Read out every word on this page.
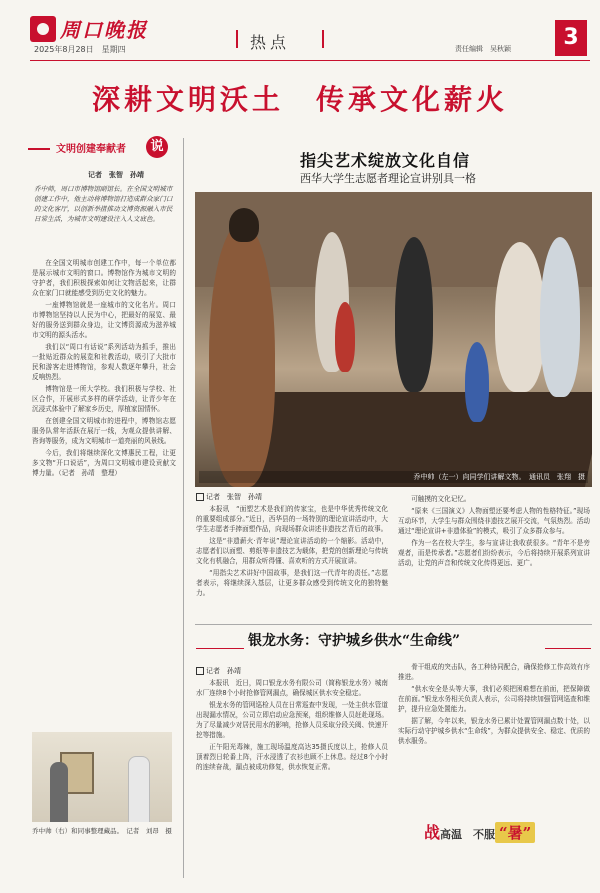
周口晚报
2025年8月28日　星期四	热点	责任编辑　吴秋颖	3
深耕文明沃土　传承文化薪火
文明创建奉献者	说
记者　张智　孙靖
乔中帅，周口市博物馆副馆长。在全国文明城市创建工作中，他主动将博物馆打造成群众家门口的文化客厅，以创新举措推动文博资源融入市民日常生活，为城市文明建设注入人文底色。

在全国文明城市创建工作中，每一个单位都是展示城市文明的窗口。博物馆作为城市文明的守护者，我们积极探索如何让文物活起来，让群众在家门口就能感受到历史文化的魅力。

一座博物馆就是一座城市的文化名片。周口市博物馆坚持以人民为中心，把最好的展览、最好的服务送到群众身边，让文博资源成为滋养城市文明的源头活水。

我们以“周口有话说”系列活动为抓手，推出一批贴近群众的展览和社教活动，吸引了大批市民和游客走进博物馆，参观人数逐年攀升，社会反响热烈。

博物馆是一所大学校。我们积极与学校、社区合作，开展形式多样的研学活动，让青少年在沉浸式体验中了解家乡历史，厚植家国情怀。

在创建全国文明城市的进程中，博物馆志愿服务队常年活跃在展厅一线，为观众提供讲解、咨询等服务，成为文明城市一道亮丽的风景线。

今后，我们将继续深化文博惠民工程，让更多文物“开口说话”，为周口文明城市建设贡献文博力量。（记者　孙靖　整理）

乔中帅（右）和同事整理藏品。　记者　刘昂　摄
指尖艺术绽放文化自信
西华大学生志愿者理论宣讲别具一格
乔中帅（左一）向同学们讲解文物。　通讯员　张翔　摄
记者　张智　孙靖

本报讯　“面塑艺术是我们的传家宝，也是中华优秀传统文化的重要组成部分。”近日，西华县的一场特别的理论宣讲活动中，大学生志愿者手捧面塑作品，向现场群众讲述非遗技艺背后的故事。

这是“非遗薪火·青年说”理论宣讲活动的一个缩影。活动中，志愿者们以面塑、剪纸等非遗技艺为载体，把党的创新理论与传统文化有机融合，用群众听得懂、喜欢听的方式开展宣讲。

“用指尖艺术讲好中国故事，是我们这一代青年的责任。”志愿者表示，将继续深入基层，让更多群众感受到传统文化的独特魅力。

可触摸的文化记忆。

“原来《三国演义》人物面塑还要考虑人物的性格特征。”现场互动环节，大学生与群众围绕非遗技艺展开交流，气氛热烈。活动通过“理论宣讲+非遗体验”的模式，吸引了众多群众参与。

作为一名在校大学生，参与宣讲让我收获很多。“青年不是旁观者，而是传承者。”志愿者们纷纷表示，今后将持续开展系列宣讲活动，让党的声音和传统文化传得更远、更广。

银龙水务：守护城乡供水“生命线”
记者　孙靖

本报讯　近日，周口银龙水务有限公司（简称银龙水务）城南水厂连续8个小时抢修管网漏点，确保城区供水安全稳定。

银龙水务的管网巡检人员在日常巡查中发现，一处主供水管道出现漏水情况，公司立即启动应急预案，组织维修人员赶赴现场。为了尽量减少对居民用水的影响，抢修人员采取分段关阀、快速开挖等措施。

正午阳光毒辣，施工现场温度高达35摄氏度以上，抢修人员顶着烈日轮番上阵，汗水浸透了衣衫也顾不上休息。经过8个小时的连续奋战，漏点被成功修复，供水恢复正常。

骨干组成的突击队，各工种协同配合，确保抢修工作高效有序推进。

“供水安全是头等大事，我们必须把困难想在前面，把保障做在前面。”银龙水务相关负责人表示，公司将持续加强管网巡查和维护，提升应急处置能力。

据了解，今年以来，银龙水务已累计处置管网漏点数十处，以实际行动守护城乡供水“生命线”，为群众提供安全、稳定、优质的供水服务。

战高温　不服 “暑”
